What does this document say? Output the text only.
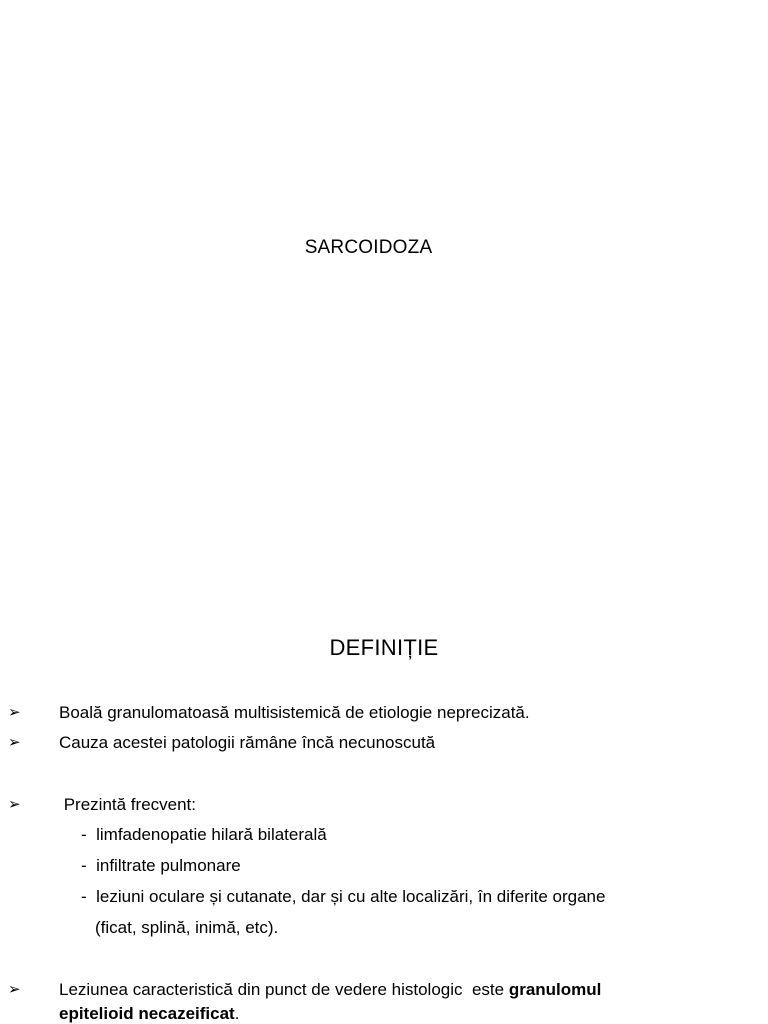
SARCOIDOZA
DEFINIȚIE
➢	Boală granulomatoasă multisistemică de etiologie neprecizată.
➢	Cauza acestei patologii rămâne încă necunoscută
➢	Prezintă frecvent:
-  limfadenopatie hilară bilaterală
-  infiltrate pulmonare
-  leziuni oculare și cutanate, dar și cu alte localizări, în diferite organe
(ficat, splină, inimă, etc).
➢	Leziunea caracteristică din punct de vedere histologic  este granulomul
epitelioid necazeificat.
